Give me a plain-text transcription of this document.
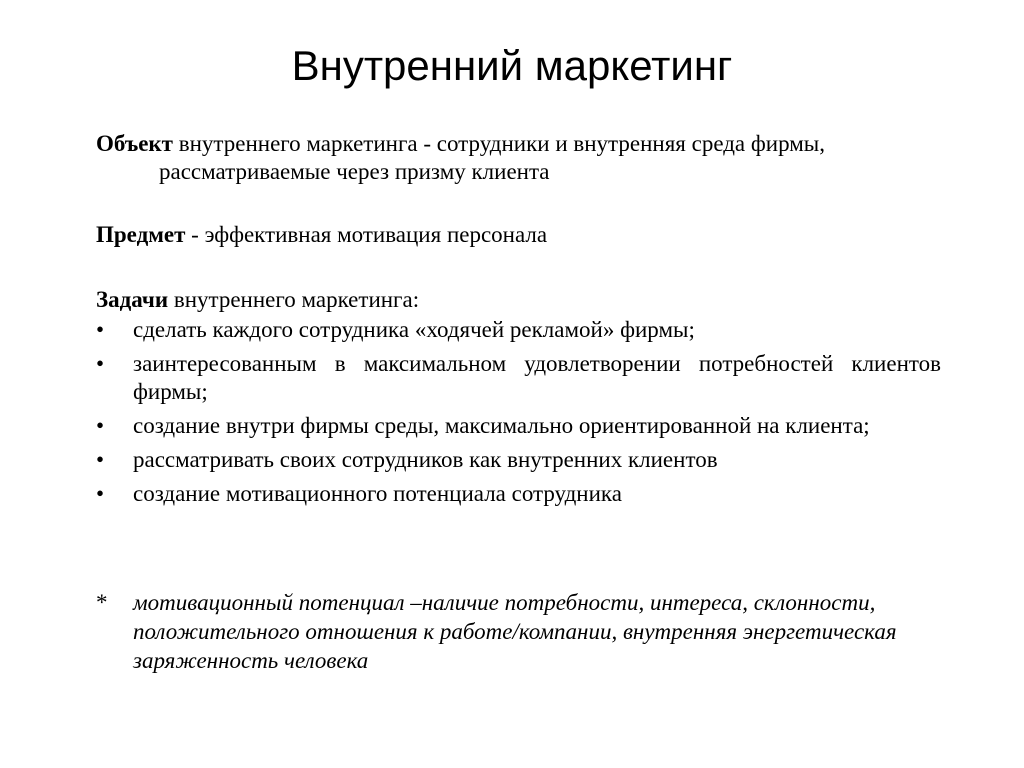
Внутренний маркетинг

Объект внутреннего маркетинга - сотрудники и внутренняя среда фирмы, рассматриваемые через призму клиента

Предмет - эффективная мотивация персонала

Задачи внутреннего маркетинга:

• сделать каждого сотрудника «ходячей рекламой» фирмы;
• заинтересованным в максимальном удовлетворении потребностей клиентов фирмы;
• создание внутри фирмы среды, максимально ориентированной на клиента;
• рассматривать своих сотрудников как внутренних клиентов
• создание мотивационного потенциала сотрудника
*	мотивационный потенциал –наличие потребности, интереса, склонности, положительного отношения к работе/компании, внутренняя энергетическая заряженность человека
